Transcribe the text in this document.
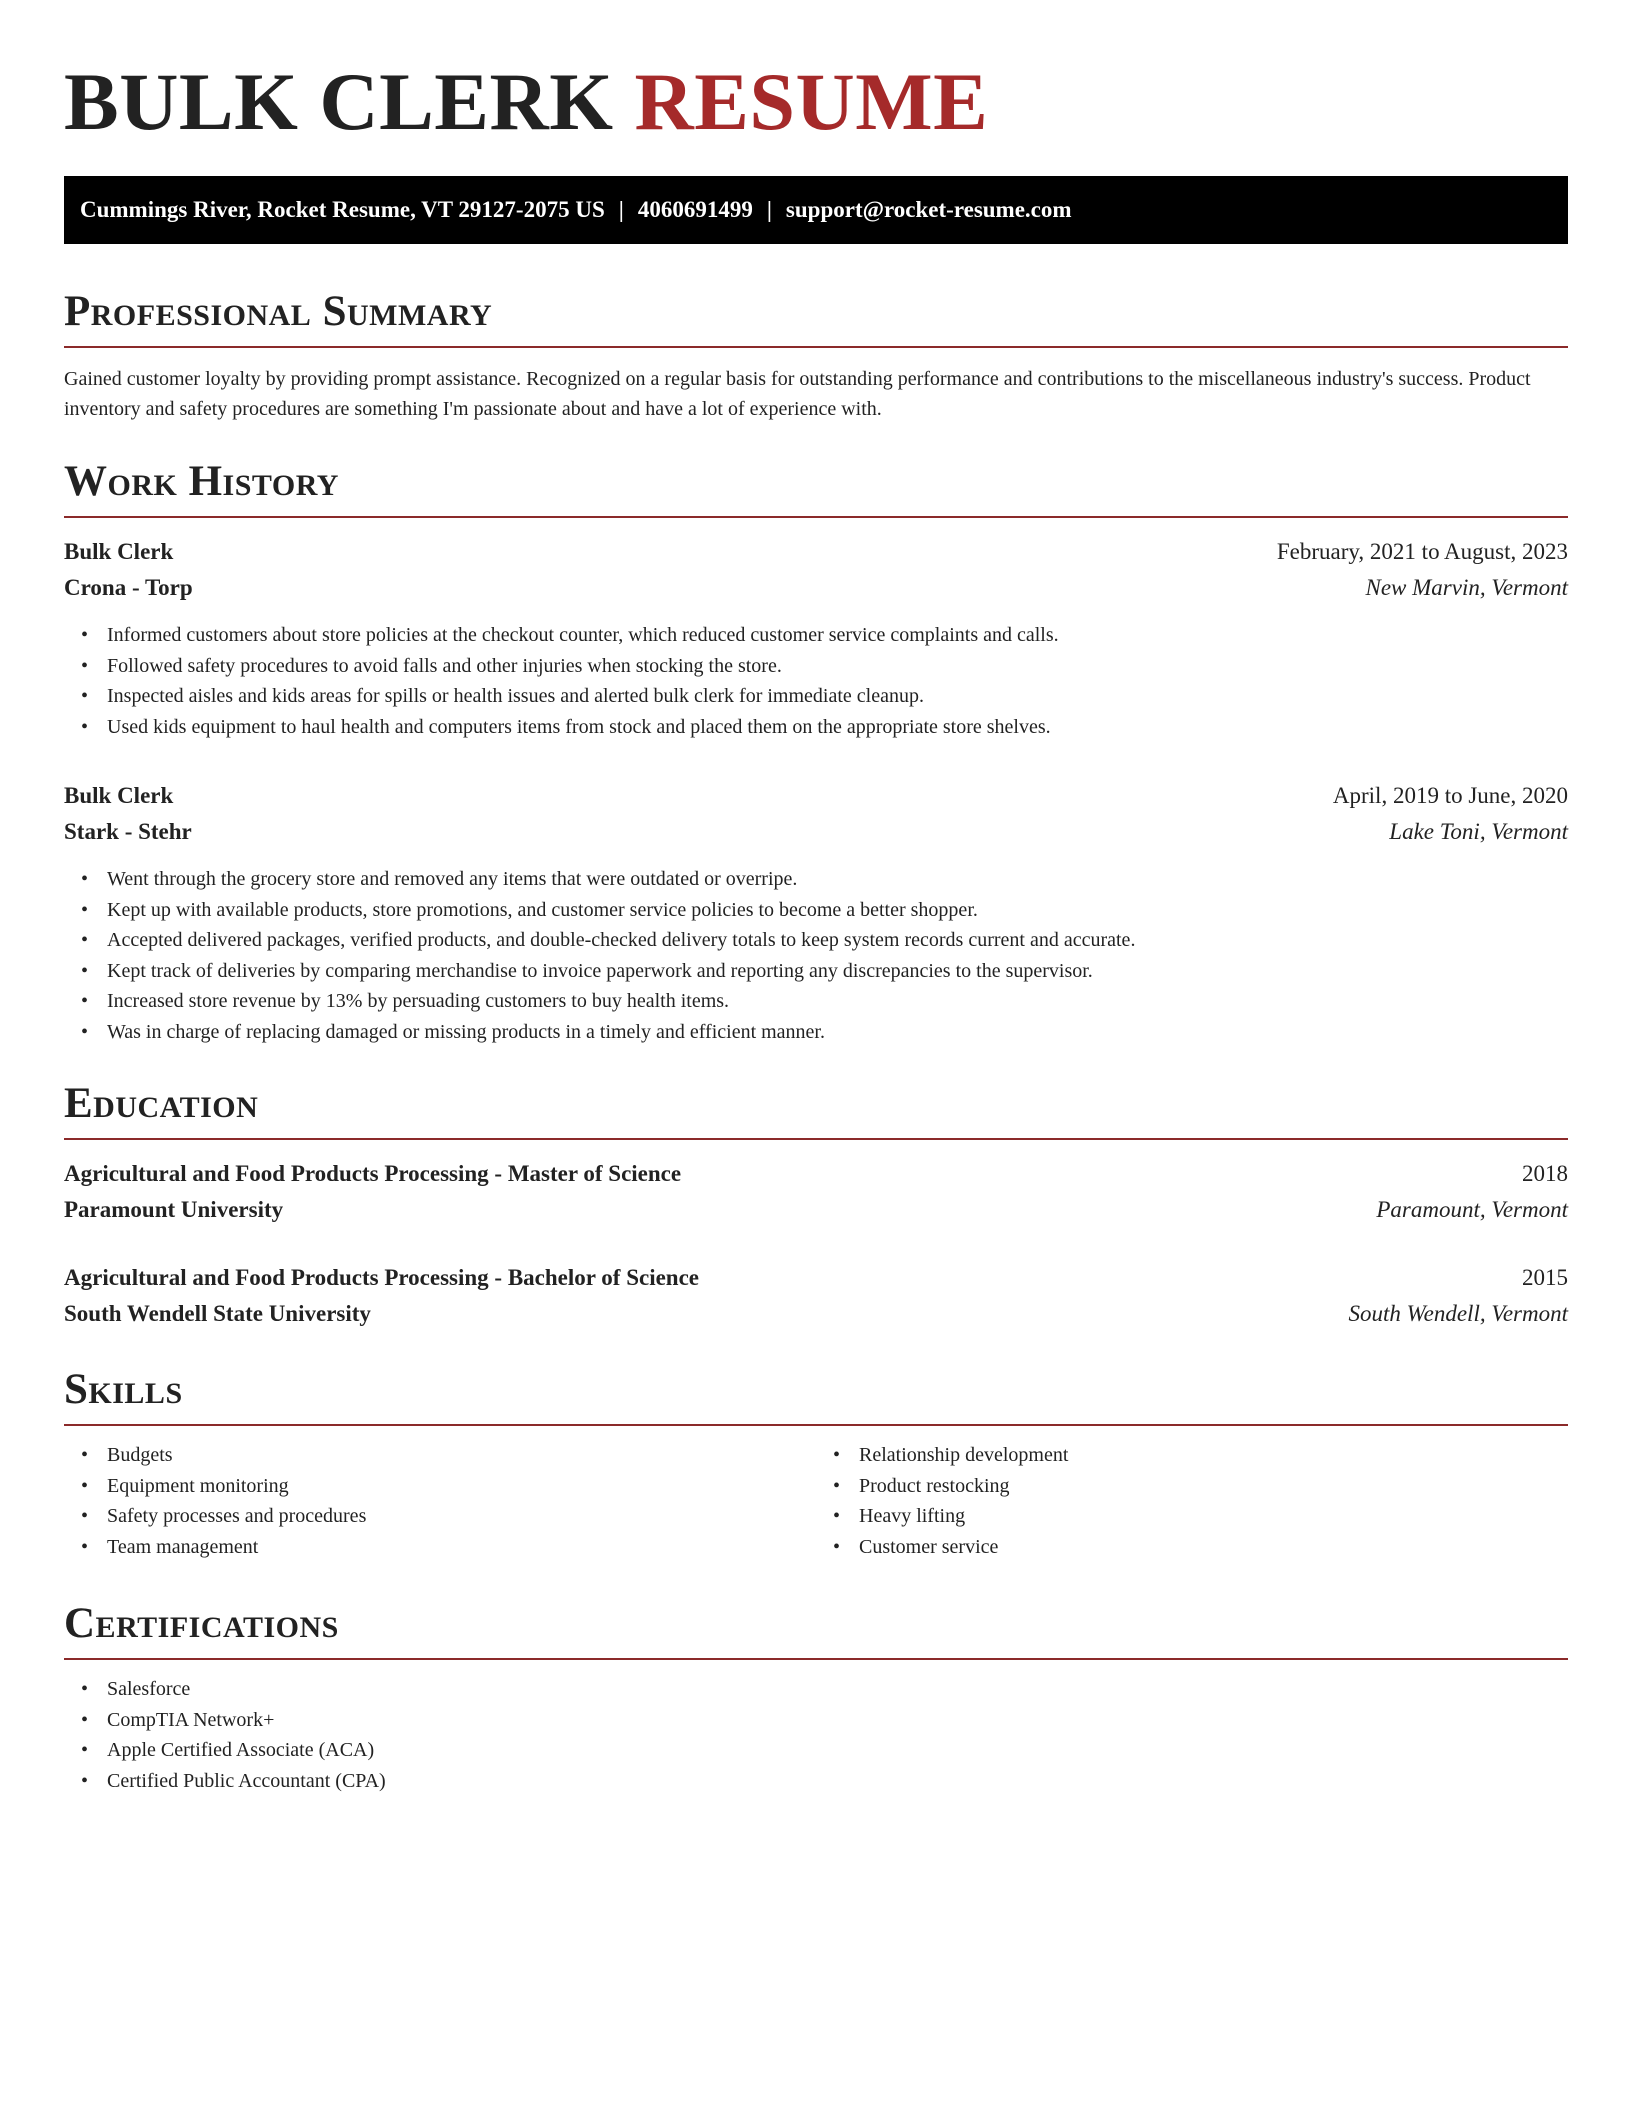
BULK CLERK RESUME
Cummings River, Rocket Resume, VT 29127-2075 US | 4060691499 | support@rocket-resume.com
Professional Summary

Gained customer loyalty by providing prompt assistance. Recognized on a regular basis for outstanding performance and contributions to the miscellaneous industry's success. Product inventory and safety procedures are something I'm passionate about and have a lot of experience with.

Work History
Bulk Clerk	February, 2021 to August, 2023
Crona - Torp	New Marvin, Vermont
• Informed customers about store policies at the checkout counter, which reduced customer service complaints and calls.
• Followed safety procedures to avoid falls and other injuries when stocking the store.
• Inspected aisles and kids areas for spills or health issues and alerted bulk clerk for immediate cleanup.
• Used kids equipment to haul health and computers items from stock and placed them on the appropriate store shelves.
Bulk Clerk	April, 2019 to June, 2020
Stark - Stehr	Lake Toni, Vermont
• Went through the grocery store and removed any items that were outdated or overripe.
• Kept up with available products, store promotions, and customer service policies to become a better shopper.
• Accepted delivered packages, verified products, and double-checked delivery totals to keep system records current and accurate.
• Kept track of deliveries by comparing merchandise to invoice paperwork and reporting any discrepancies to the supervisor.
• Increased store revenue by 13% by persuading customers to buy health items.
• Was in charge of replacing damaged or missing products in a timely and efficient manner.
Education
Agricultural and Food Products Processing - Master of Science	2018
Paramount University	Paramount, Vermont
Agricultural and Food Products Processing - Bachelor of Science	2015
South Wendell State University	South Wendell, Vermont
Skills
• Budgets
• Equipment monitoring
• Safety processes and procedures
• Team management
• Relationship development
• Product restocking
• Heavy lifting
• Customer service
Certifications
• Salesforce
• CompTIA Network+
• Apple Certified Associate (ACA)
• Certified Public Accountant (CPA)
